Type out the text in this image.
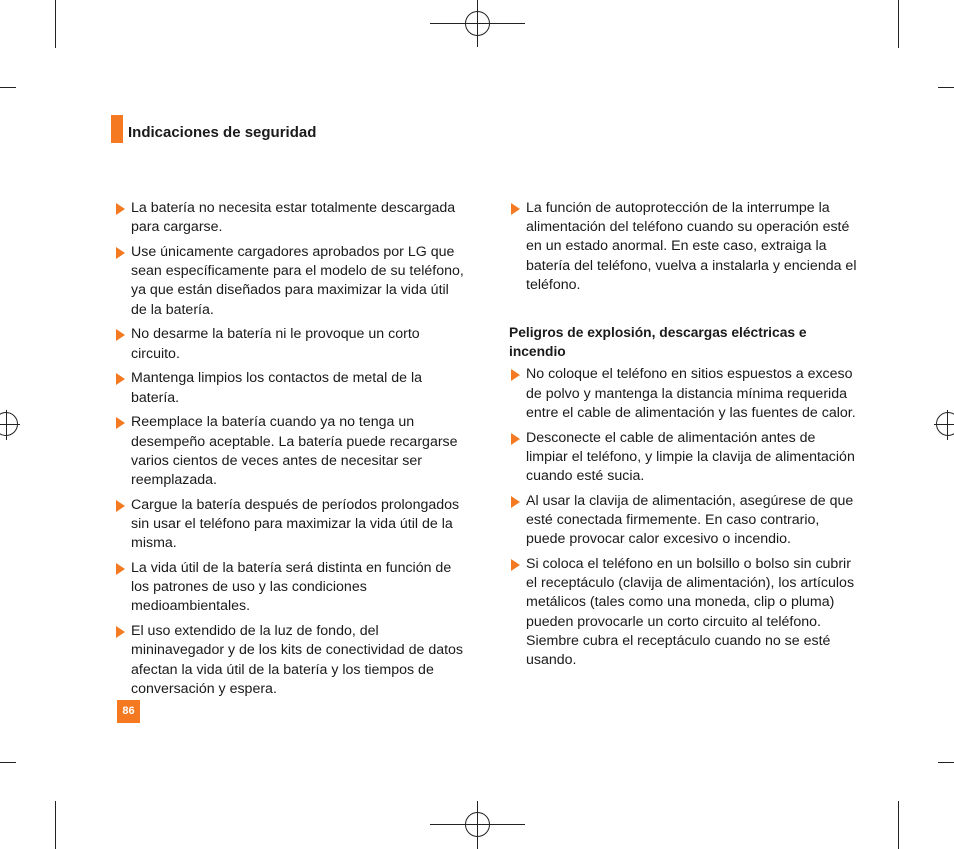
Indicaciones de seguridad
La batería no necesita estar totalmente descargada para cargarse.
Use únicamente cargadores aprobados por LG que sean específicamente para el modelo de su teléfono, ya que están diseñados para maximizar la vida útil de la batería.
No desarme la batería ni le provoque un corto circuito.
Mantenga limpios los contactos de metal de la batería.
Reemplace la batería cuando ya no tenga un desempeño aceptable. La batería puede recargarse varios cientos de veces antes de necesitar ser reemplazada.
Cargue la batería después de períodos prolongados sin usar el teléfono para maximizar la vida útil de la misma.
La vida útil de la batería será distinta en función de los patrones de uso y las condiciones medioambientales.
El uso extendido de la luz de fondo, del mininavegador y de los kits de conectividad de datos afectan la vida útil de la batería y los tiempos de conversación y espera.
La función de autoprotección de la interrumpe la alimentación del teléfono cuando su operación esté en un estado anormal. En este caso, extraiga la batería del teléfono, vuelva a instalarla y encienda el teléfono.
Peligros de explosión, descargas eléctricas e incendio
No coloque el teléfono en sitios espuestos a exceso de polvo y mantenga la distancia mínima requerida entre el cable de alimentación y las fuentes de calor.
Desconecte el cable de alimentación antes de limpiar el teléfono, y limpie la clavija de alimentación cuando esté sucia.
Al usar la clavija de alimentación, asegúrese de que esté conectada firmemente. En caso contrario, puede provocar calor excesivo o incendio.
Si coloca el teléfono en un bolsillo o bolso sin cubrir el receptáculo (clavija de alimentación), los artículos metálicos (tales como una moneda, clip o pluma) pueden provocarle un corto circuito al teléfono. Siembre cubra el receptáculo cuando no se esté usando.
86
